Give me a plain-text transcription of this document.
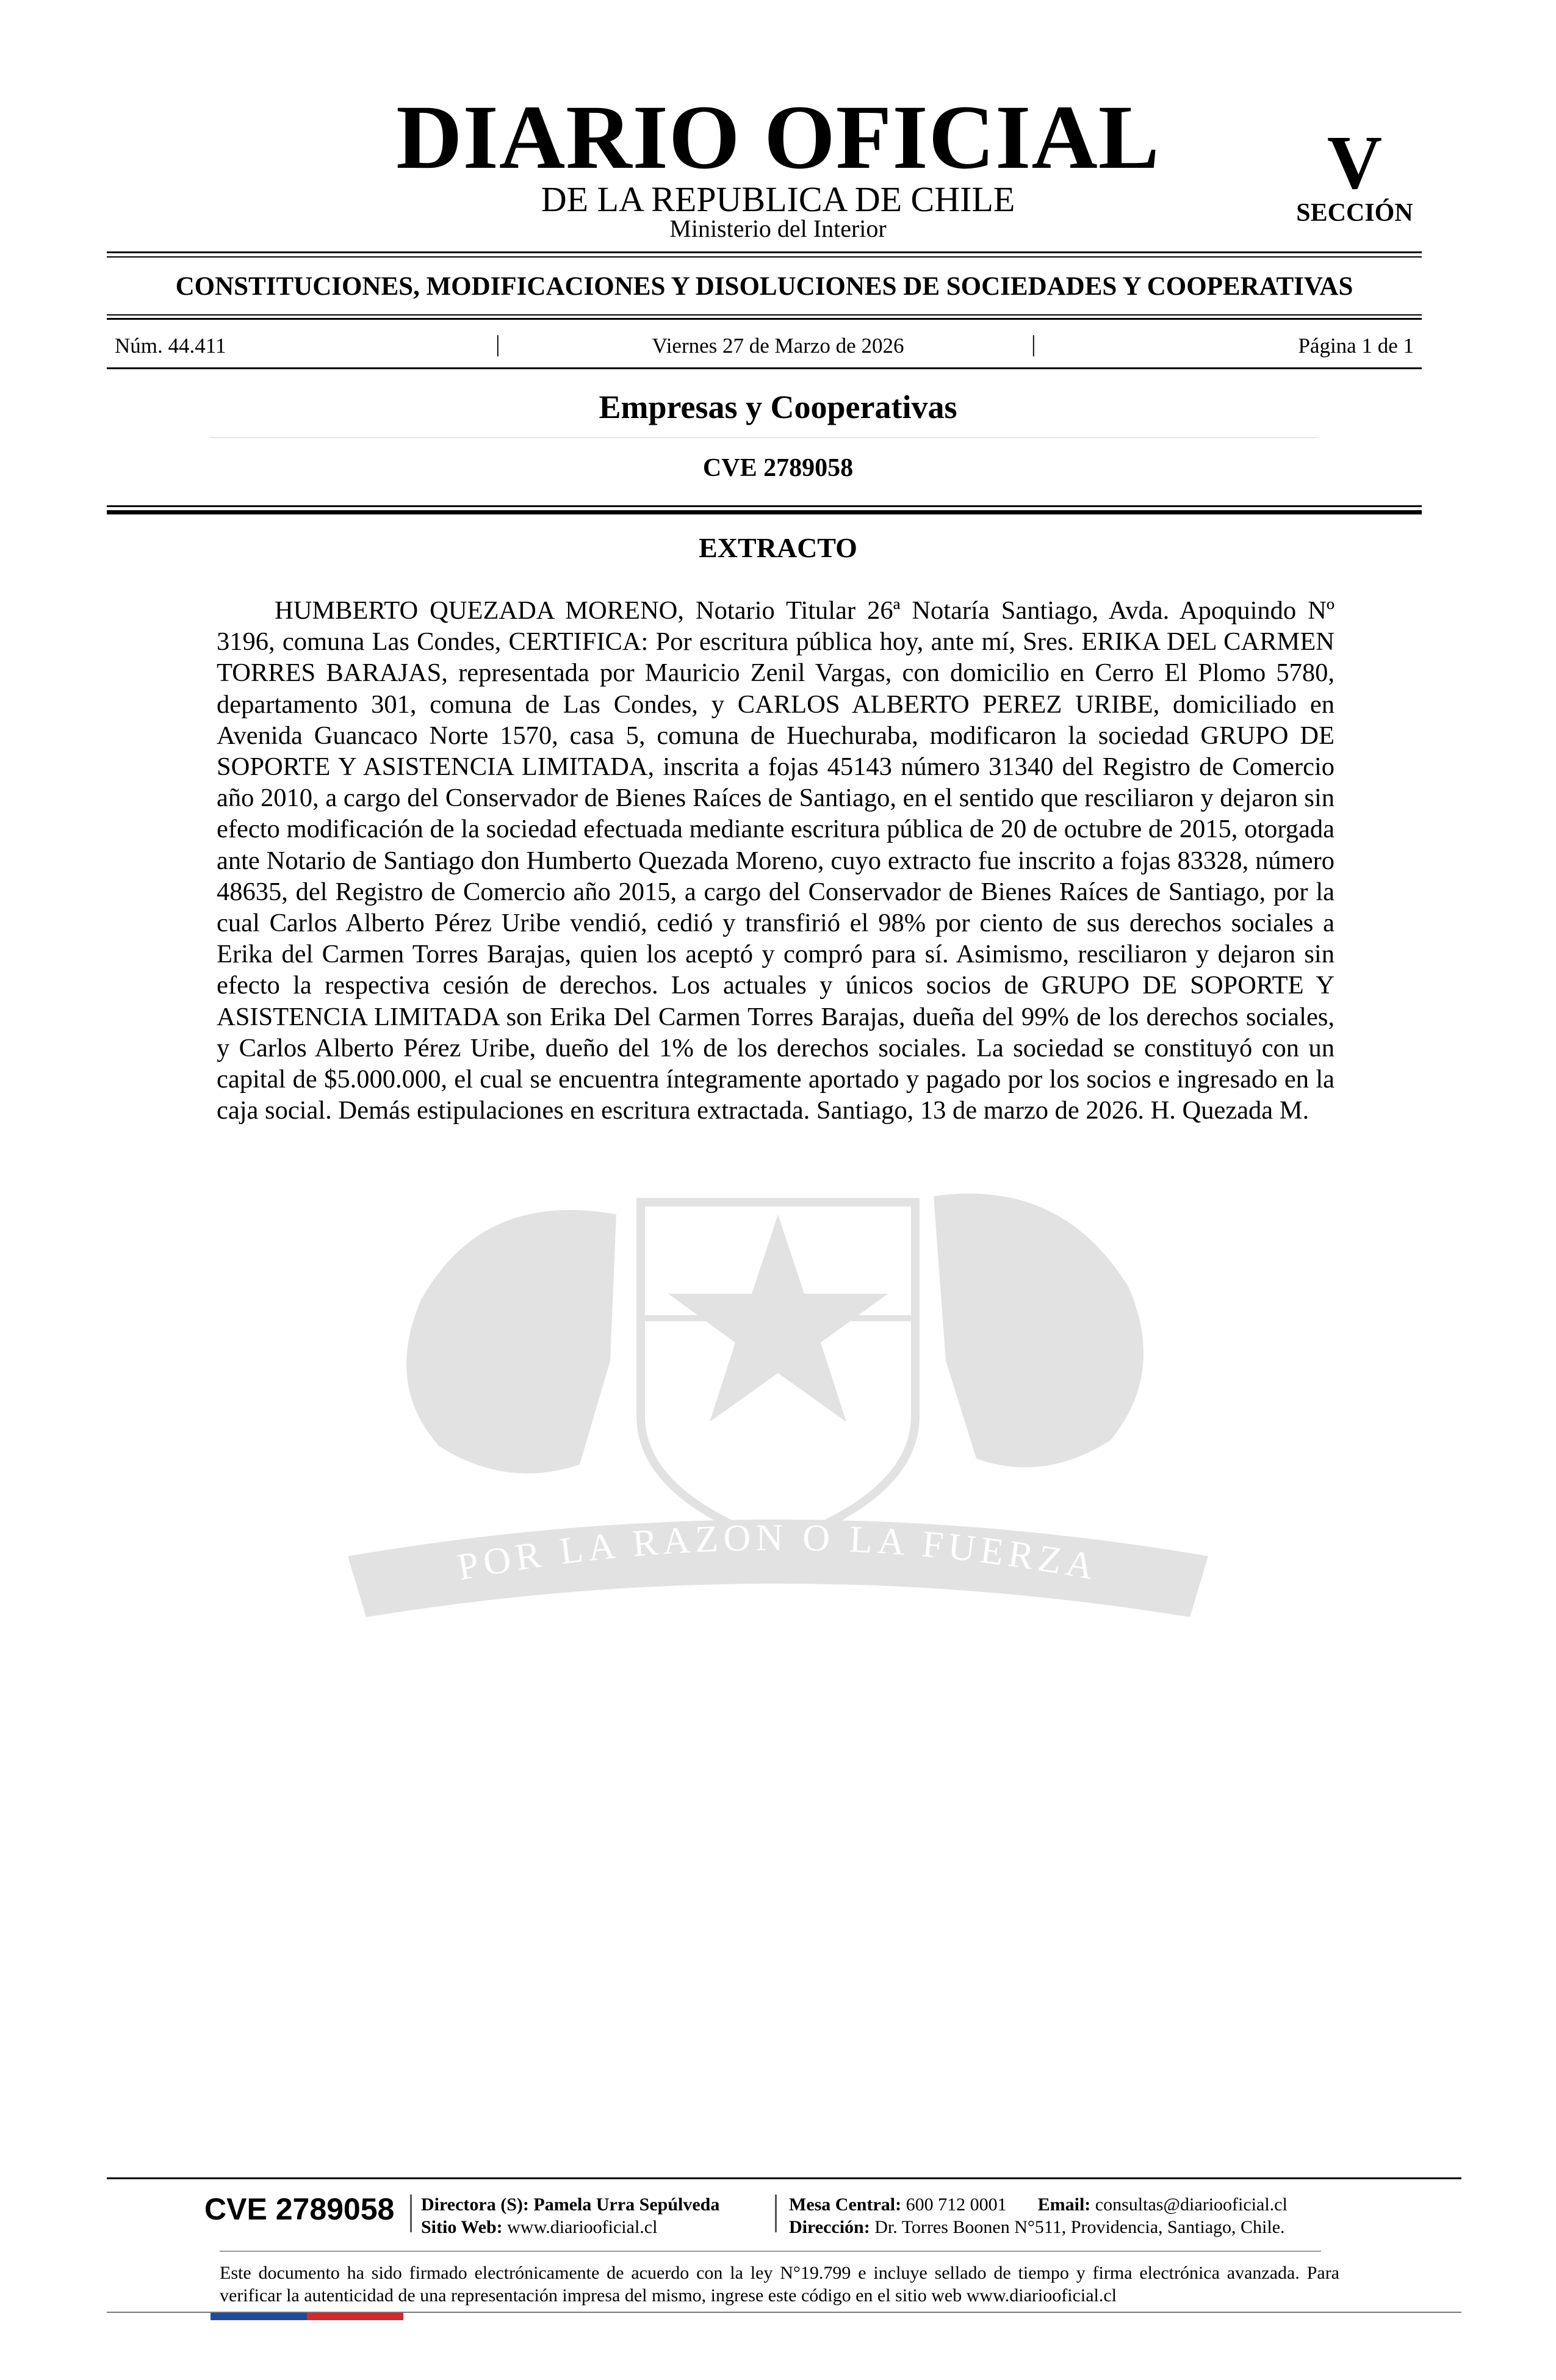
DIARIO OFICIAL
DE LA REPUBLICA DE CHILE
Ministerio del Interior
V
SECCIÓN
CONSTITUCIONES, MODIFICACIONES Y DISOLUCIONES DE SOCIEDADES Y COOPERATIVAS
Núm. 44.411	|	Viernes 27 de Marzo de 2026	|	Página 1 de 1
Empresas y Cooperativas
CVE 2789058
POR LA RAZON O LA FUERZA
EXTRACTO

HUMBERTO QUEZADA MORENO, Notario Titular 26ª Notaría Santiago, Avda. Apoquindo Nº 3196, comuna Las Condes, CERTIFICA: Por escritura pública hoy, ante mí, Sres. ERIKA DEL CARMEN TORRES BARAJAS, representada por Mauricio Zenil Vargas, con domicilio en Cerro El Plomo 5780, departamento 301, comuna de Las Condes, y CARLOS ALBERTO PEREZ URIBE, domiciliado en Avenida Guancaco Norte 1570, casa 5, comuna de Huechuraba, modificaron la sociedad GRUPO DE SOPORTE Y ASISTENCIA LIMITADA, inscrita a fojas 45143 número 31340 del Registro de Comercio año 2010, a cargo del Conservador de Bienes Raíces de Santiago, en el sentido que resciliaron y dejaron sin efecto modificación de la sociedad efectuada mediante escritura pública de 20 de octubre de 2015, otorgada ante Notario de Santiago don Humberto Quezada Moreno, cuyo extracto fue inscrito a fojas 83328, número 48635, del Registro de Comercio año 2015, a cargo del Conservador de Bienes Raíces de Santiago, por la cual Carlos Alberto Pérez Uribe vendió, cedió y transfirió el 98% por ciento de sus derechos sociales a Erika del Carmen Torres Barajas, quien los aceptó y compró para sí. Asimismo, resciliaron y dejaron sin efecto la respectiva cesión de derechos. Los actuales y únicos socios de GRUPO DE SOPORTE Y ASISTENCIA LIMITADA son Erika Del Carmen Torres Barajas, dueña del 99% de los derechos sociales, y Carlos Alberto Pérez Uribe, dueño del 1% de los derechos sociales. La sociedad se constituyó con un capital de $5.000.000, el cual se encuentra íntegramente aportado y pagado por los socios e ingresado en la caja social. Demás estipulaciones en escritura extractada. Santiago, 13 de marzo de 2026. H. Quezada M.

CVE 2789058 Directora (S): Pamela Urra Sepúlveda
Sitio Web: www.diariooficial.cl
Mesa Central: 600 712 0001 Email: consultas@diariooficial.cl
Dirección: Dr. Torres Boonen N°511, Providencia, Santiago, Chile.

Este documento ha sido firmado electrónicamente de acuerdo con la ley N°19.799 e incluye sellado de tiempo y firma electrónica avanzada. Para verificar la autenticidad de una representación impresa del mismo, ingrese este código en el sitio web www.diariooficial.cl
